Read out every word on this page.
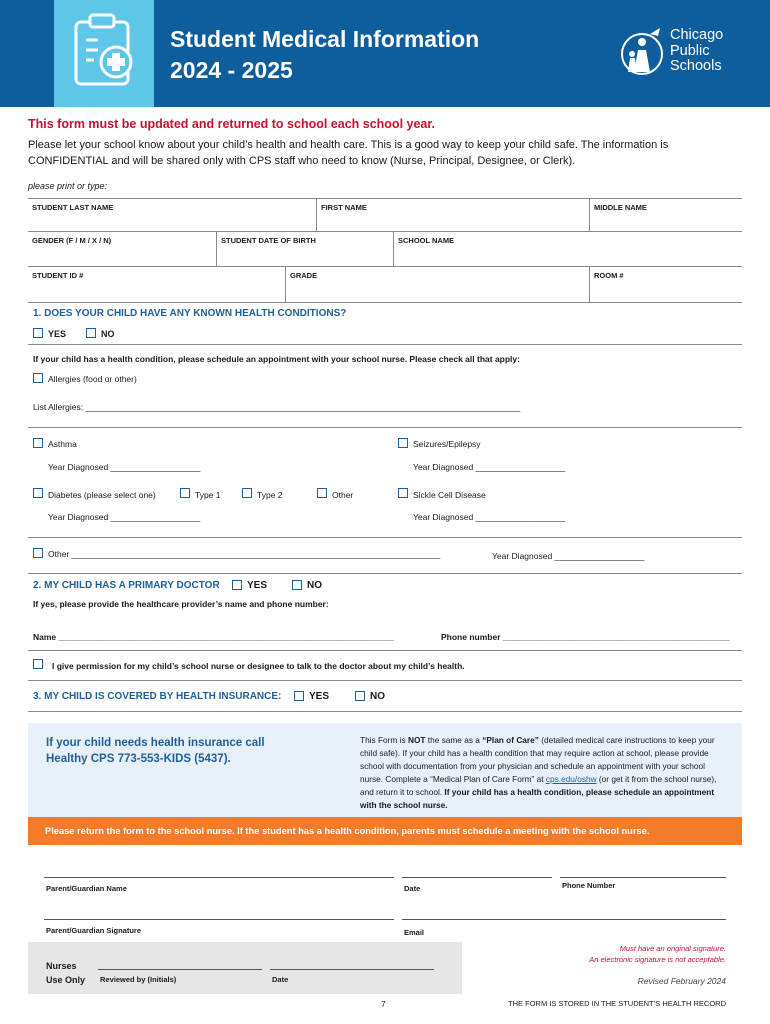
Student Medical Information
2024 - 2025
Chicago
Public
Schools
This form must be updated and returned to school each school year.
Please let your school know about your child’s health and health care. This is a good way to keep your child safe. The information is CONFIDENTIAL and will be shared only with CPS staff who need to know (Nurse, Principal, Designee, or Clerk).
please print or type:
STUDENT LAST NAME	FIRST NAME	MIDDLE NAME
GENDER (F / M / X / N)	STUDENT DATE OF BIRTH	SCHOOL NAME
STUDENT ID #	GRADE	ROOM #
1. DOES YOUR CHILD HAVE ANY KNOWN HEALTH CONDITIONS?
YES	NO
If your child has a health condition, please schedule an appointment with your school nurse. Please check all that apply:
Allergies (food or other)
List Allergies: ____________________________________________________________________________________________
Asthma	Seizures/Epilepsy
Year Diagnosed ___________________	Year Diagnosed ___________________
Diabetes (please select one)	Type 1	Type 2	Other	Sickle Cell Disease
Year Diagnosed ___________________	Year Diagnosed ___________________
Other ______________________________________________________________________________	Year Diagnosed ___________________
2. MY CHILD HAS A PRIMARY DOCTOR	YES	NO
If yes, please provide the healthcare provider’s name and phone number:
Name _______________________________________________________________________	Phone number ________________________________________________
I give permission for my child’s school nurse or designee to talk to the doctor about my child’s health.
3. MY CHILD IS COVERED BY HEALTH INSURANCE:	YES	NO
If your child needs health insurance call
Healthy CPS 773-553-KIDS (5437).
This Form is NOT the same as a “Plan of Care” (detailed medical care instructions to keep your child safe). If your child has a health condition that may require action at school, please provide school with documentation from your physician and schedule an appointment with your school nurse. Complete a “Medical Plan of Care Form” at cps.edu/oshw (or get it from the school nurse), and return it to school. If your child has a health condition, please schedule an appointment with the school nurse.
Please return the form to the school nurse. If the student has a health condition, parents must schedule a meeting with the school nurse.
Parent/Guardian Name	Date	Phone Number
Parent/Guardian Signature	Email
Nurses
Use Only Reviewed by (Initials)	Date
Must have an original signature.
An electronic signature is not acceptable.
Revised February 2024
7	THE FORM IS STORED IN THE STUDENT’S HEALTH RECORD
